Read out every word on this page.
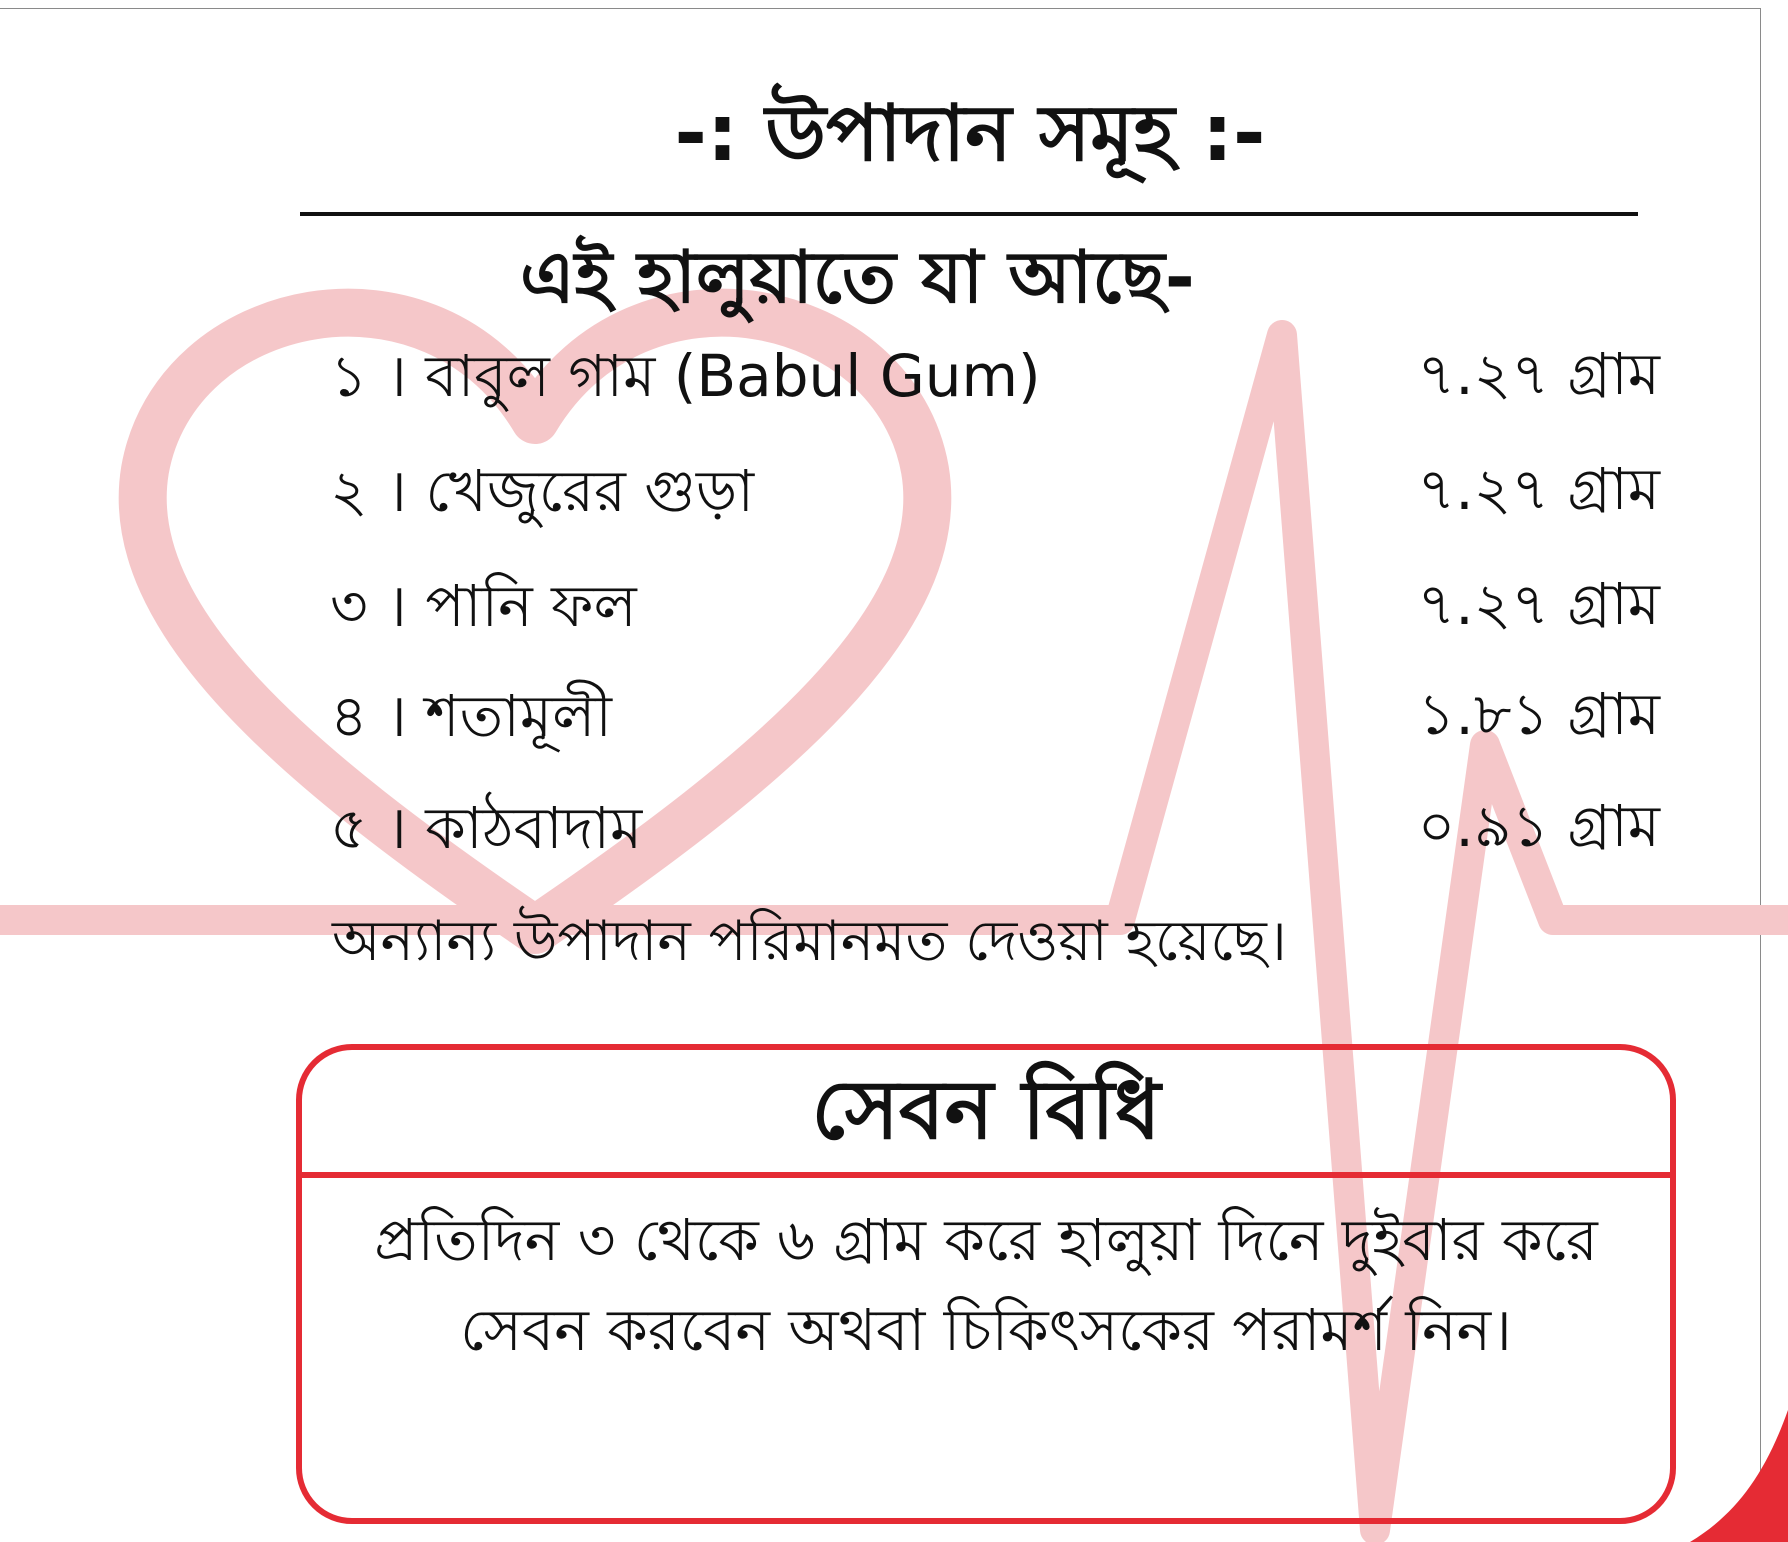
-: উপাদান সমূহ :-
এই হালুয়াতে যা আছে-
১ । বাবুল গাম (Babul Gum)	৭.২৭ গ্রাম
২ । খেজুরের গুড়া	৭.২৭ গ্রাম
৩ । পানি ফল	৭.২৭ গ্রাম
৪ । শতামূলী	১.৮১ গ্রাম
৫ । কাঠবাদাম	০.৯১ গ্রাম
অন্যান্য উপাদান পরিমানমত দেওয়া হয়েছে।
সেবন বিধি
প্রতিদিন ৩ থেকে ৬ গ্রাম করে হালুয়া দিনে দুইবার করে সেবন করবেন অথবা চিকিৎসকের পরামর্শ নিন।
